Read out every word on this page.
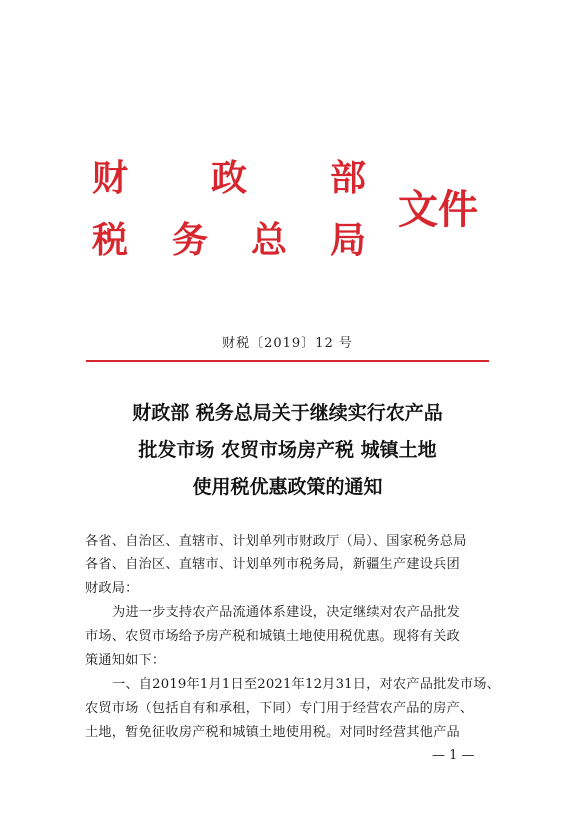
财 政 部
税 务 总 局
文件
财税〔2019〕12 号
财政部 税务总局关于继续实行农产品
批发市场 农贸市场房产税 城镇土地
使用税优惠政策的通知
各省、自治区、直辖市、计划单列市财政厅（局）、国家税务总局
各省、自治区、直辖市、计划单列市税务局，新疆生产建设兵团
财政局：
为进一步支持农产品流通体系建设，决定继续对农产品批发
市场、农贸市场给予房产税和城镇土地使用税优惠。现将有关政
策通知如下：
一、自2019年1月1日至2021年12月31日，对农产品批发市场、
农贸市场（包括自有和承租，下同）专门用于经营农产品的房产、
土地，暂免征收房产税和城镇土地使用税。对同时经营其他产品
— 1 —
